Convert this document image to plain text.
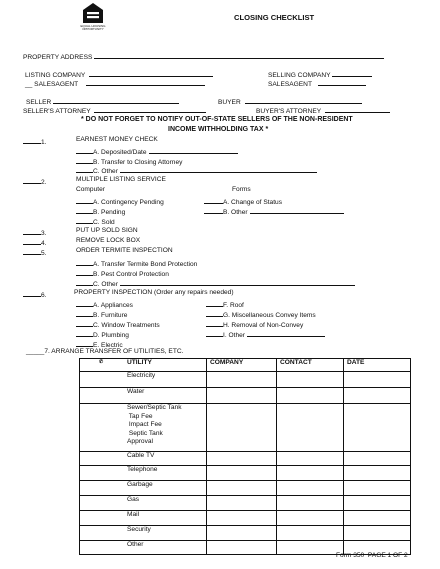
EQUAL HOUSING
OPPORTUNITY
CLOSING CHECKLIST
PROPERTY ADDRESS
LISTING COMPANY	SELLING COMPANY
__ SALESAGENT	SALESAGENT
SELLER	BUYER
SELLER'S ATTORNEY	BUYER'S ATTORNEY
* DO NOT FORGET TO NOTIFY OUT-OF-STATE SELLERS OF THE NON-RESIDENT
INCOME WITHHOLDING TAX *
1.	EARNEST MONEY CHECK
A. Deposited/Date
B. Transfer to Closing Attorney
C. Other
2.	MULTIPLE LISTING SERVICE
Computer	Forms
A. Contingency Pending	A. Change of Status
B. Pending	B. Other
C. Sold
3.	PUT UP SOLD SIGN
4.	REMOVE LOCK BOX
5.	ORDER TERMITE INSPECTION
A. Transfer Termite Bond Protection
B. Pest Control Protection
C. Other
6.	PROPERTY INSPECTION (Order any repairs needed)
A. Appliances	F. Roof
B. Furniture	G. Miscellaneous Convey Items
C. Window Treatments	H. Removal of Non-Convey
D. Plumbing	I. Other
E. Electric
_____7. ARRANGE TRANSFER OF UTILITIES, ETC.
✆ UTILITY	COMPANY	CONTACT	DATE
Electricity			
Water			
Sewer/Septic Tank
Tap Fee
Impact Fee
Septic Tank
Approval			
Cable TV			
Telephone			
Garbage			
Gas			
Mail			
Security			
Other			
Form 350 PAGE 1 OF 2
